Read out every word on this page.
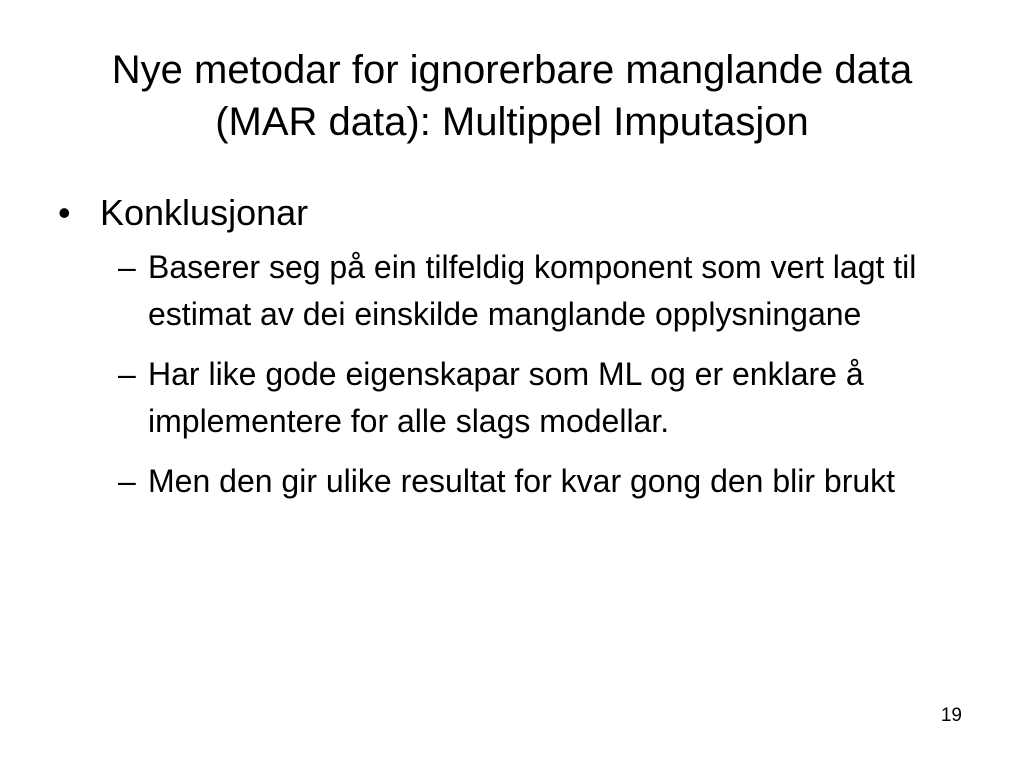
Nye metodar for ignorerbare manglande data
(MAR data): Multippel Imputasjon
• Konklusjonar
– Baserer seg på ein tilfeldig komponent som vert lagt til estimat av dei einskilde manglande opplysningane
– Har like gode eigenskapar som ML og er enklare å implementere for alle slags modellar.
– Men den gir ulike resultat for kvar gong den blir brukt
19
